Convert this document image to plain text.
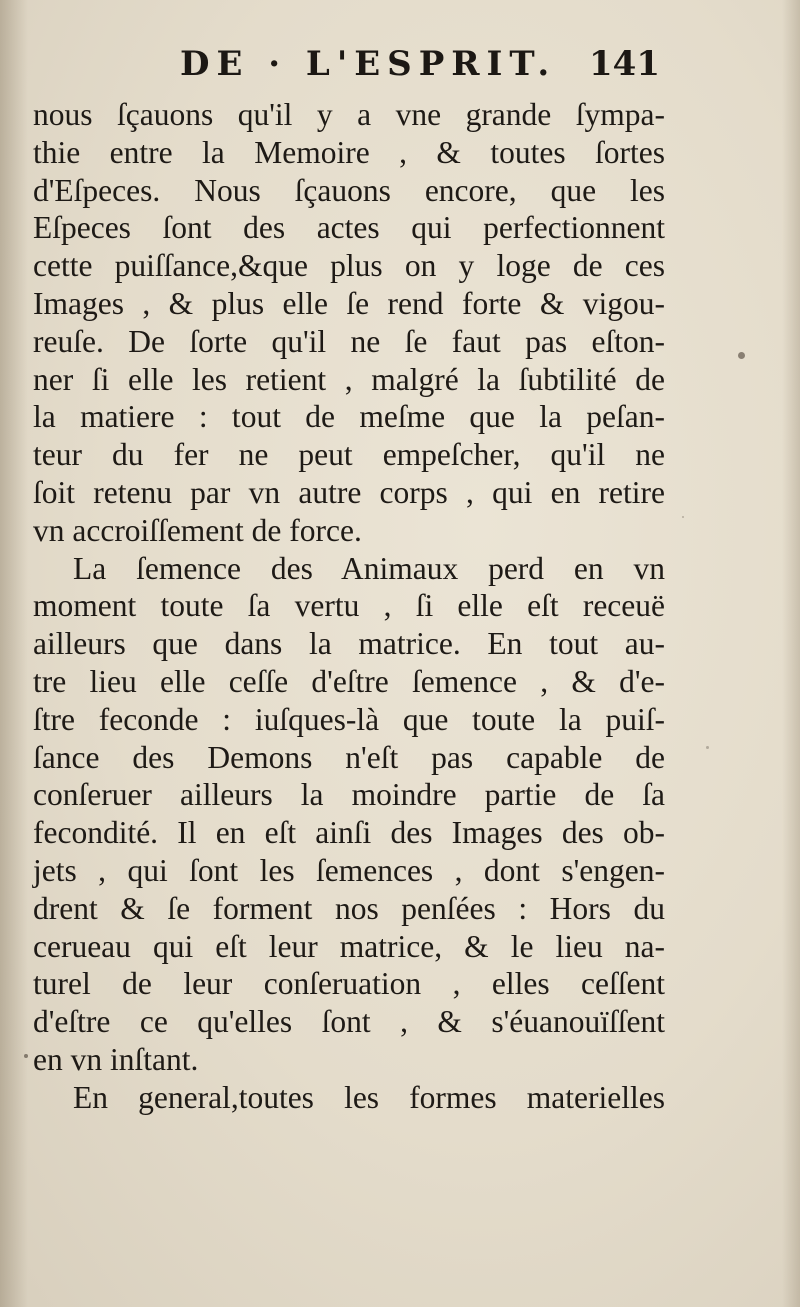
DE · L'ESPRIT. 141
nous ſçauons qu'il y a vne grande ſympa-
thie entre la Memoire , & toutes ſortes
d'Eſpeces. Nous ſçauons encore, que les
Eſpeces ſont des actes qui perfectionnent
cette puiſſance,&que plus on y loge de ces
Images , & plus elle ſe rend forte & vigou-
reuſe. De ſorte qu'il ne ſe faut pas eſton-
ner ſi elle les retient , malgré la ſubtilité de
la matiere : tout de meſme que la peſan-
teur du fer ne peut empeſcher, qu'il ne
ſoit retenu par vn autre corps , qui en retire
vn accroiſſement de force.
La ſemence des Animaux perd en vn
moment toute ſa vertu , ſi elle eſt receuë
ailleurs que dans la matrice. En tout au-
tre lieu elle ceſſe d'eſtre ſemence , & d'e-
ſtre feconde : iuſques-là que toute la puiſ-
ſance des Demons n'eſt pas capable de
conſeruer ailleurs la moindre partie de ſa
fecondité. Il en eſt ainſi des Images des ob-
jets , qui ſont les ſemences , dont s'engen-
drent & ſe forment nos penſées : Hors du
cerueau qui eſt leur matrice, & le lieu na-
turel de leur conſeruation , elles ceſſent
d'eſtre ce qu'elles ſont , & s'éuanouïſſent
en vn inſtant.
En general,toutes les formes materielles
